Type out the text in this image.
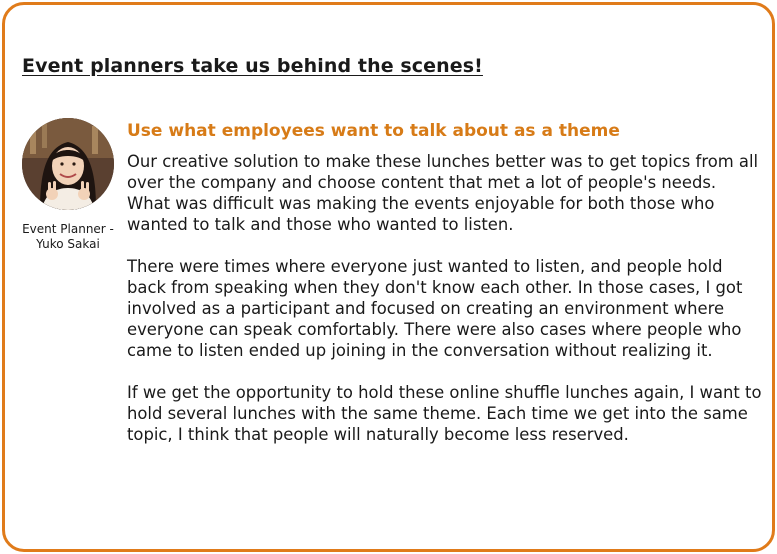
Event planners take us behind the scenes!
Event Planner - Yuko Sakai
Use what employees want to talk about as a theme

Our creative solution to make these lunches better was to get topics from all over the company and choose content that met a lot of people's needs. What was difficult was making the events enjoyable for both those who wanted to talk and those who wanted to listen.

There were times where everyone just wanted to listen, and people hold back from speaking when they don't know each other. In those cases, I got involved as a participant and focused on creating an environment where everyone can speak comfortably. There were also cases where people who came to listen ended up joining in the conversation without realizing it.

If we get the opportunity to hold these online shuffle lunches again, I want to hold several lunches with the same theme. Each time we get into the same topic, I think that people will naturally become less reserved.
